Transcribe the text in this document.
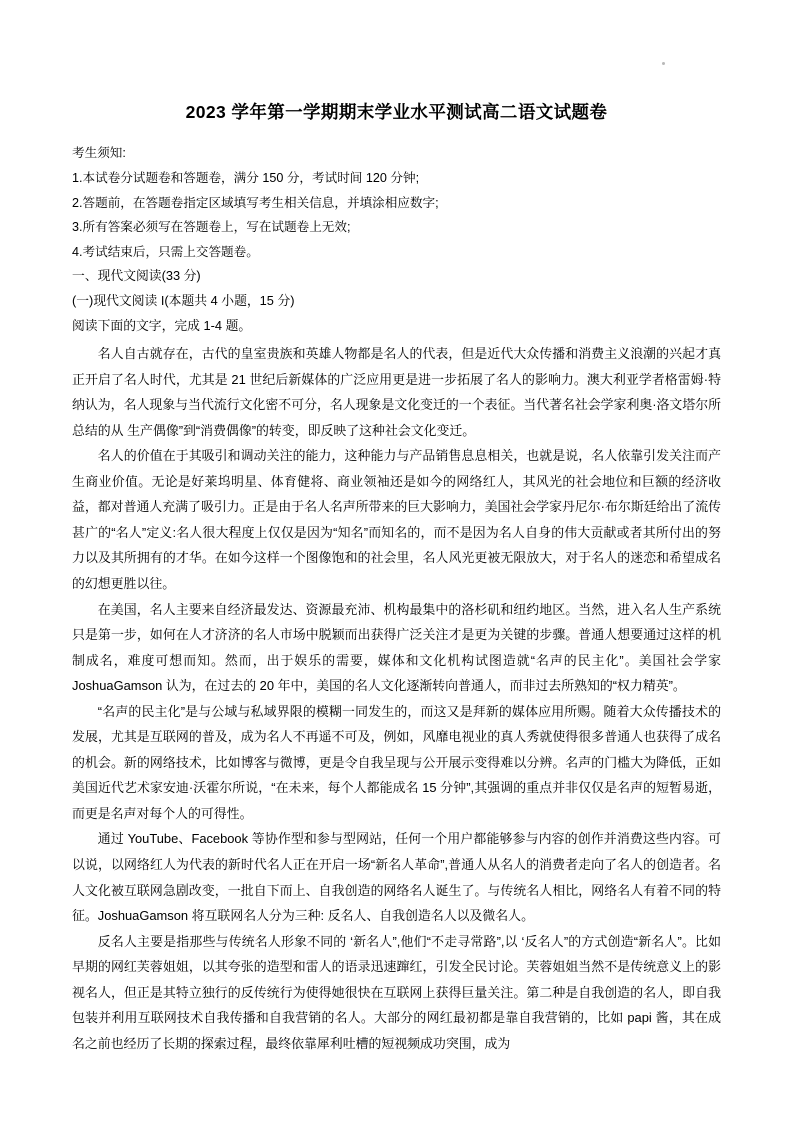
2023 学年第一学期期末学业水平测试高二语文试题卷

考生须知:

1.本试卷分试题卷和答题卷，满分 150 分，考试时间 120 分钟;

2.答题前，在答题卷指定区域填写考生相关信息，并填涂相应数字;

3.所有答案必须写在答题卷上，写在试题卷上无效;

4.考试结束后，只需上交答题卷。

一、现代文阅读(33 分)

(一)现代文阅读 I(本题共 4 小题，15 分)

阅读下面的文字，完成 1-4 题。

名人自古就存在，古代的皇室贵族和英雄人物都是名人的代表，但是近代大众传播和消费主义浪潮的兴起才真正开启了名人时代，尤其是 21 世纪后新媒体的广泛应用更是进一步拓展了名人的影响力。澳大利亚学者格雷姆·特纳认为，名人现象与当代流行文化密不可分，名人现象是文化变迁的一个表征。当代著名社会学家利奥·洛文塔尔所总结的从 生产偶像”到“消费偶像”的转变，即反映了这种社会文化变迁。

名人的价值在于其吸引和调动关注的能力，这种能力与产品销售息息相关，也就是说，名人依靠引发关注而产生商业价值。无论是好莱坞明星、体育健将、商业领袖还是如今的网络红人，其风光的社会地位和巨额的经济收益，都对普通人充满了吸引力。正是由于名人名声所带来的巨大影响力，美国社会学家丹尼尔·布尔斯廷给出了流传甚广的“名人”定义:名人很大程度上仅仅是因为“知名”而知名的，而不是因为名人自身的伟大贡献或者其所付出的努力以及其所拥有的才华。在如今这样一个图像饱和的社会里，名人风光更被无限放大，对于名人的迷恋和希望成名的幻想更胜以往。

在美国，名人主要来自经济最发达、资源最充沛、机构最集中的洛杉矶和纽约地区。当然，进入名人生产系统只是第一步，如何在人才济济的名人市场中脱颖而出获得广泛关注才是更为关键的步骤。普通人想要通过这样的机制成名，难度可想而知。然而，出于娱乐的需要，媒体和文化机构试图造就“名声的民主化”。美国社会学家 JoshuaGamson 认为，在过去的 20 年中，美国的名人文化逐渐转向普通人，而非过去所熟知的“权力精英”。

“名声的民主化”是与公域与私域界限的模糊一同发生的，而这又是拜新的媒体应用所赐。随着大众传播技术的发展，尤其是互联网的普及，成为名人不再遥不可及，例如，风靡电视业的真人秀就使得很多普通人也获得了成名的机会。新的网络技术，比如博客与微博，更是令自我呈现与公开展示变得难以分辨。名声的门槛大为降低，正如美国近代艺术家安迪·沃霍尔所说，“在未来，每个人都能成名 15 分钟”,其强调的重点并非仅仅是名声的短暂易逝，而更是名声对每个人的可得性。

通过 YouTube、Facebook 等协作型和参与型网站，任何一个用户都能够参与内容的创作并消费这些内容。可以说，以网络红人为代表的新时代名人正在开启一场“新名人革命”,普通人从名人的消费者走向了名人的创造者。名人文化被互联网急剧改变，一批自下而上、自我创造的网络名人诞生了。与传统名人相比，网络名人有着不同的特征。JoshuaGamson 将互联网名人分为三种: 反名人、自我创造名人以及微名人。

反名人主要是指那些与传统名人形象不同的 ‘新名人”,他们“不走寻常路”,以 ‘反名人”的方式创造“新名人”。比如早期的网红芙蓉姐姐，以其夸张的造型和雷人的语录迅速蹿红，引发全民讨论。芙蓉姐姐当然不是传统意义上的影视名人，但正是其特立独行的反传统行为使得她很快在互联网上获得巨量关注。第二种是自我创造的名人，即自我包装并利用互联网技术自我传播和自我营销的名人。大部分的网红最初都是靠自我营销的，比如 papi 酱，其在成名之前也经历了长期的探索过程，最终依靠犀利吐槽的短视频成功突围，成为
